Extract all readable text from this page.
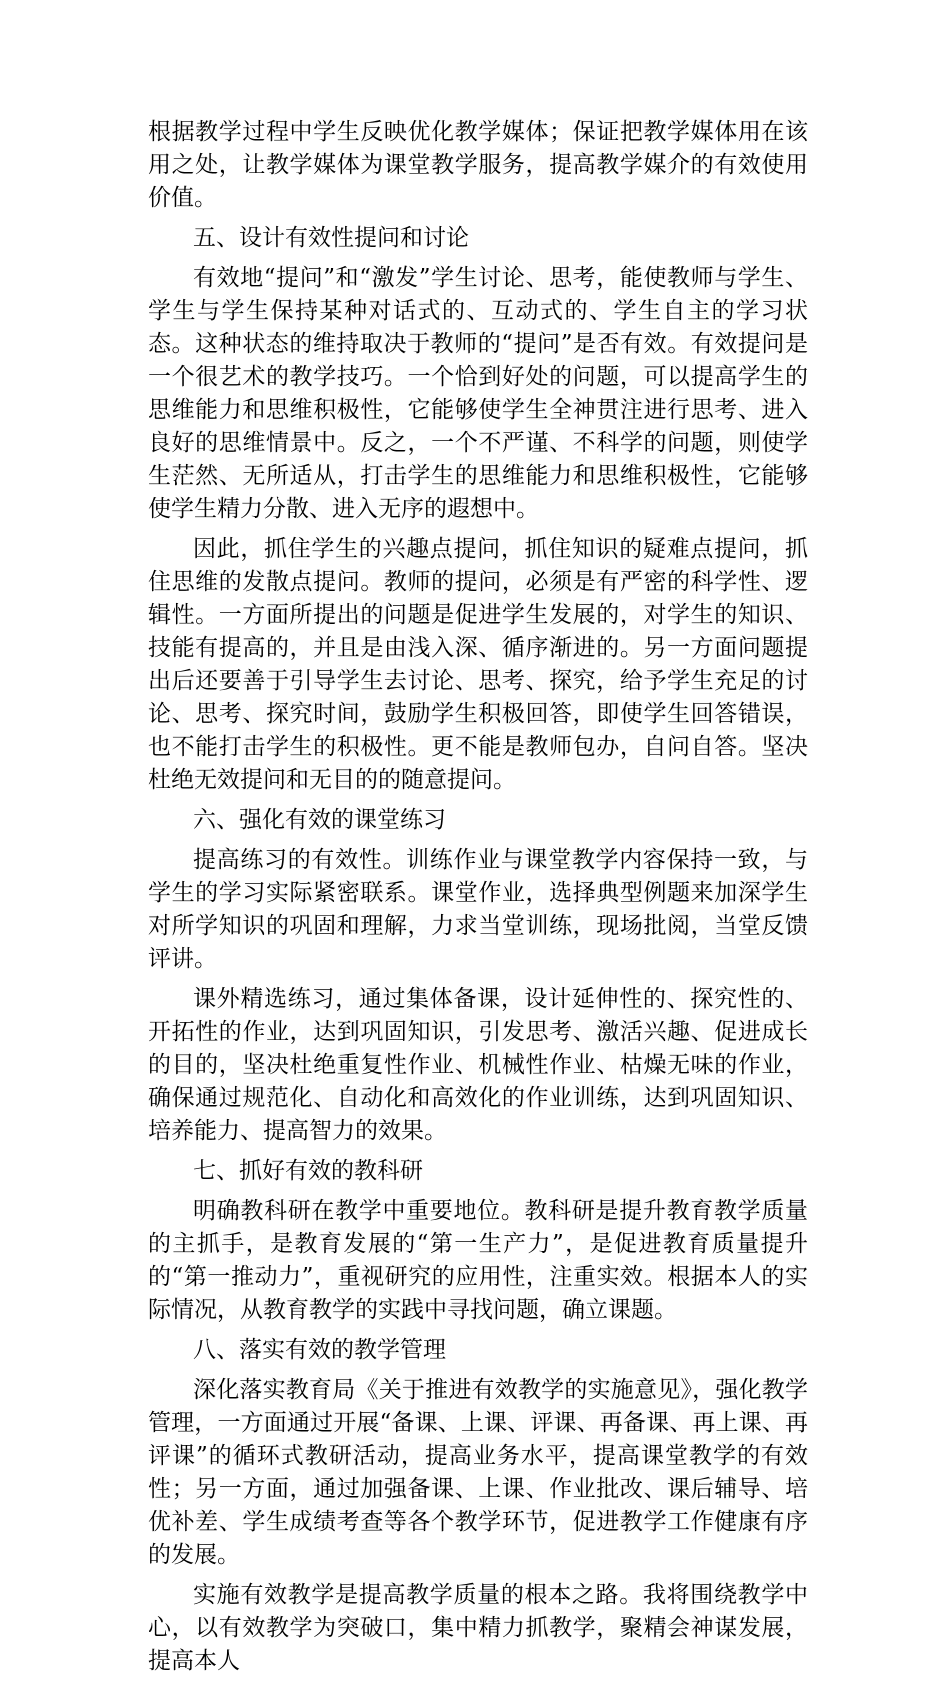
根据教学过程中学生反映优化教学媒体；保证把教学媒体用在该用之处，让教学媒体为课堂教学服务，提高教学媒介的有效使用价值。

五、设计有效性提问和讨论

有效地“提问”和“激发”学生讨论、思考，能使教师与学生、学生与学生保持某种对话式的、互动式的、学生自主的学习状态。这种状态的维持取决于教师的“提问”是否有效。有效提问是一个很艺术的教学技巧。一个恰到好处的问题，可以提高学生的思维能力和思维积极性，它能够使学生全神贯注进行思考、进入良好的思维情景中。反之，一个不严谨、不科学的问题，则使学生茫然、无所适从，打击学生的思维能力和思维积极性，它能够使学生精力分散、进入无序的遐想中。

因此，抓住学生的兴趣点提问，抓住知识的疑难点提问，抓住思维的发散点提问。教师的提问，必须是有严密的科学性、逻辑性。一方面所提出的问题是促进学生发展的，对学生的知识、技能有提高的，并且是由浅入深、循序渐进的。另一方面问题提出后还要善于引导学生去讨论、思考、探究，给予学生充足的讨论、思考、探究时间，鼓励学生积极回答，即使学生回答错误，也不能打击学生的积极性。更不能是教师包办，自问自答。坚决杜绝无效提问和无目的的随意提问。

六、强化有效的课堂练习

提高练习的有效性。训练作业与课堂教学内容保持一致，与学生的学习实际紧密联系。课堂作业，选择典型例题来加深学生对所学知识的巩固和理解，力求当堂训练，现场批阅，当堂反馈评讲。

课外精选练习，通过集体备课，设计延伸性的、探究性的、开拓性的作业，达到巩固知识，引发思考、激活兴趣、促进成长的目的，坚决杜绝重复性作业、机械性作业、枯燥无味的作业，确保通过规范化、自动化和高效化的作业训练，达到巩固知识、培养能力、提高智力的效果。

七、抓好有效的教科研

明确教科研在教学中重要地位。教科研是提升教育教学质量的主抓手，是教育发展的“第一生产力”，是促进教育质量提升的“第一推动力”，重视研究的应用性，注重实效。根据本人的实际情况，从教育教学的实践中寻找问题，确立课题。

八、落实有效的教学管理

深化落实教育局《关于推进有效教学的实施意见》，强化教学管理，一方面通过开展“备课、上课、评课、再备课、再上课、再评课”的循环式教研活动，提高业务水平，提高课堂教学的有效性；另一方面，通过加强备课、上课、作业批改、课后辅导、培优补差、学生成绩考查等各个教学环节，促进教学工作健康有序的发展。

实施有效教学是提高教学质量的根本之路。我将围绕教学中心，以有效教学为突破口，集中精力抓教学，聚精会神谋发展，提高本人
